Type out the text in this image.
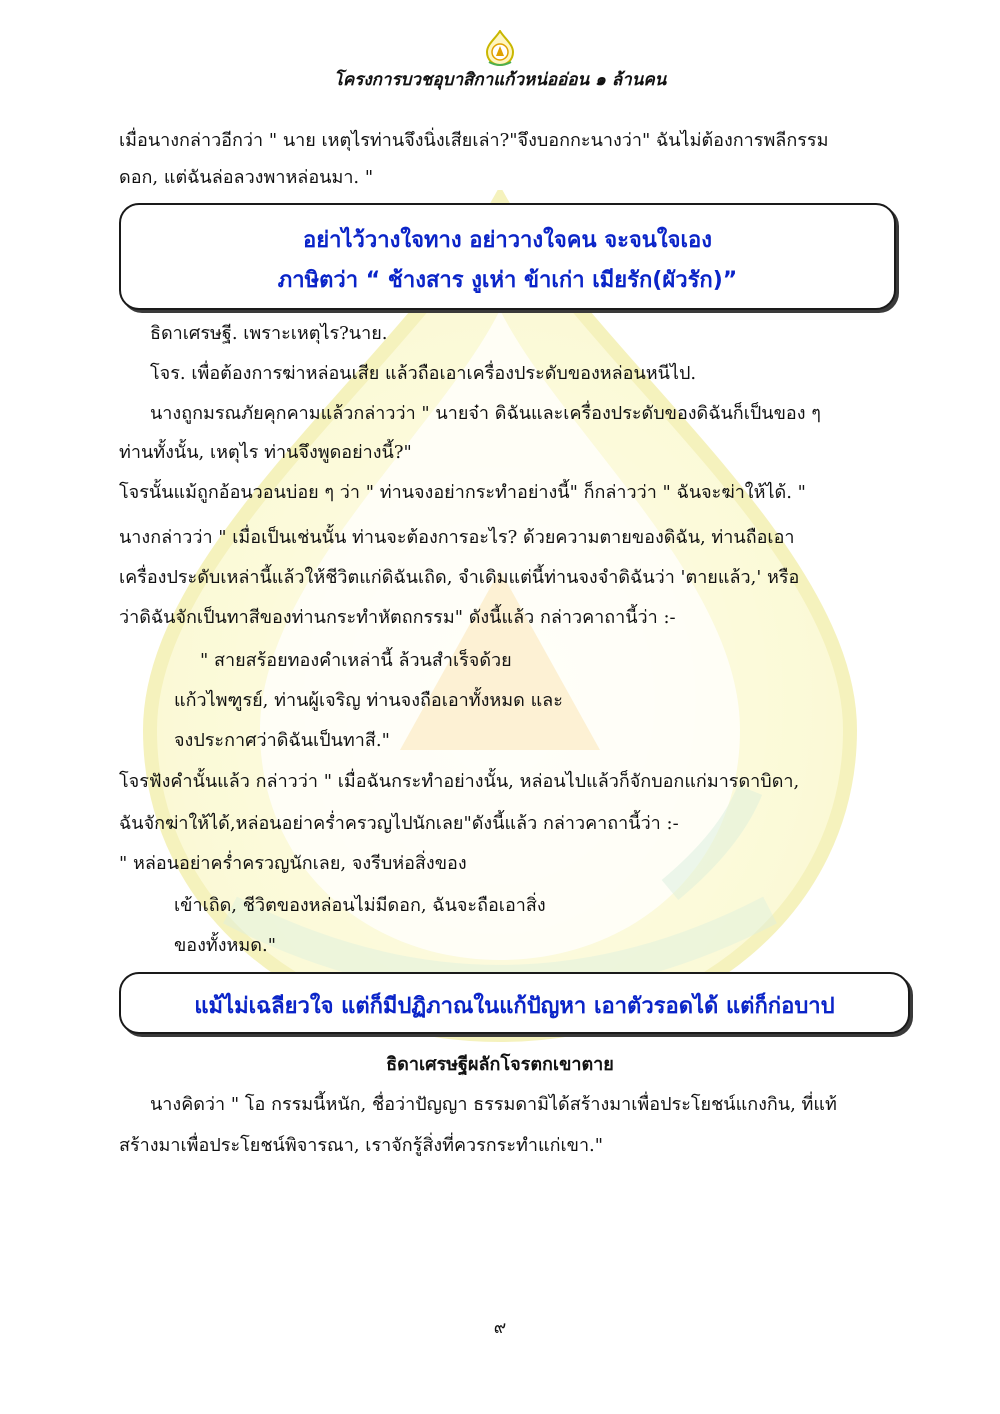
โครงการบวชอุบาสิกาแก้วหน่ออ่อน ๑ ล้านคน
เมื่อนางกล่าวอีกว่า " นาย เหตุไรท่านจึงนิ่งเสียเล่า?"จึงบอกกะนางว่า" ฉันไม่ต้องการพลีกรรม
ดอก, แต่ฉันล่อลวงพาหล่อนมา. "
อย่าไว้วางใจทาง อย่าวางใจคน จะจนใจเอง
ภาษิตว่า “ ช้างสาร งูเห่า ข้าเก่า เมียรัก(ผัวรัก)”
ธิดาเศรษฐี. เพราะเหตุไร?นาย.
โจร. เพื่อต้องการฆ่าหล่อนเสีย แล้วถือเอาเครื่องประดับของหล่อนหนีไป.
นางถูกมรณภัยคุกคามแล้วกล่าวว่า " นายจ๋า ดิฉันและเครื่องประดับของดิฉันก็เป็นของ ๆ
ท่านทั้งนั้น, เหตุไร ท่านจึงพูดอย่างนี้?"
โจรนั้นแม้ถูกอ้อนวอนบ่อย ๆ ว่า " ท่านจงอย่ากระทำอย่างนี้" ก็กล่าวว่า " ฉันจะฆ่าให้ได้. "
นางกล่าวว่า " เมื่อเป็นเช่นนั้น ท่านจะต้องการอะไร? ด้วยความตายของดิฉัน, ท่านถือเอา
เครื่องประดับเหล่านี้แล้วให้ชีวิตแก่ดิฉันเถิด, จำเดิมแต่นี้ท่านจงจำดิฉันว่า 'ตายแล้ว,' หรือ
ว่าดิฉันจักเป็นทาสีของท่านกระทำหัตถกรรม" ดังนี้แล้ว กล่าวคาถานี้ว่า :-
" สายสร้อยทองคำเหล่านี้ ล้วนสำเร็จด้วย
แก้วไพฑูรย์, ท่านผู้เจริญ ท่านจงถือเอาทั้งหมด และ
จงประกาศว่าดิฉันเป็นทาสี."
โจรฟังคำนั้นแล้ว กล่าวว่า " เมื่อฉันกระทำอย่างนั้น, หล่อนไปแล้วก็จักบอกแก่มารดาบิดา,
ฉันจักฆ่าให้ได้,หล่อนอย่าคร่ำครวญไปนักเลย"ดังนี้แล้ว กล่าวคาถานี้ว่า :-
" หล่อนอย่าคร่ำครวญนักเลย, จงรีบห่อสิ่งของ
เข้าเถิด, ชีวิตของหล่อนไม่มีดอก, ฉันจะถือเอาสิ่ง
ของทั้งหมด."
แม้ไม่เฉลียวใจ แต่ก็มีปฏิภาณในแก้ปัญหา เอาตัวรอดได้ แต่ก็ก่อบาป
ธิดาเศรษฐีผลักโจรตกเขาตาย
นางคิดว่า " โอ กรรมนี้หนัก, ชื่อว่าปัญญา ธรรมดามิได้สร้างมาเพื่อประโยชน์แกงกิน, ที่แท้
สร้างมาเพื่อประโยชน์พิจารณา, เราจักรู้สิ่งที่ควรกระทำแก่เขา."
๙
